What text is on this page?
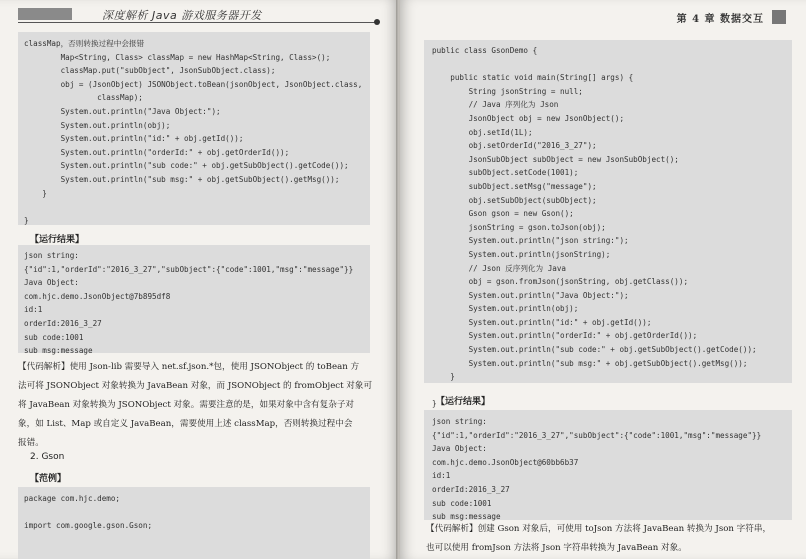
深度解析 Java 游戏服务器开发
classMap，否则转换过程中会报错
Map<String, Class> classMap = new HashMap<String, Class>();
classMap.put("subObject", JsonSubObject.class);
obj = (JsonObject) JSONObject.toBean(jsonObject, JsonObject.class,
classMap);
System.out.println("Java Object:");
System.out.println(obj);
System.out.println("id:" + obj.getId());
System.out.println("orderId:" + obj.getOrderId());
System.out.println("sub code:" + obj.getSubObject().getCode());
System.out.println("sub msg:" + obj.getSubObject().getMsg());
}
}
【运行结果】
json string:
{"id":1,"orderId":"2016_3_27","subObject":{"code":1001,"msg":"message"}}
Java Object:
com.hjc.demo.JsonObject@7b895df8
id:1
orderId:2016_3_27
sub code:1001
sub msg:message
【代码解析】使用 Json-lib 需要导入 net.sf.json.*包，使用 JSONObject 的 toBean 方
法可将 JSONObject 对象转换为 JavaBean 对象，而 JSONObject 的 fromObject 对象可
将 JavaBean 对象转换为 JSONObject 对象。需要注意的是，如果对象中含有复杂子对
象，如 List、Map 或自定义 JavaBean，需要使用上述 classMap，否则转换过程中会
报错。
2. Gson
【范例】
package com.hjc.demo;
import com.google.gson.Gson;
第 4 章 数据交互
public class GsonDemo {
public static void main(String[] args) {
String jsonString = null;
// Java 序列化为 Json
JsonObject obj = new JsonObject();
obj.setId(1L);
obj.setOrderId("2016_3_27");
JsonSubObject subObject = new JsonSubObject();
subObject.setCode(1001);
subObject.setMsg("message");
obj.setSubObject(subObject);
Gson gson = new Gson();
jsonString = gson.toJson(obj);
System.out.println("json string:");
System.out.println(jsonString);
// Json 反序列化为 Java
obj = gson.fromJson(jsonString, obj.getClass());
System.out.println("Java Object:");
System.out.println(obj);
System.out.println("id:" + obj.getId());
System.out.println("orderId:" + obj.getOrderId());
System.out.println("sub code:" + obj.getSubObject().getCode());
System.out.println("sub msg:" + obj.getSubObject().getMsg());
}
} 【运行结果】
json string:
{"id":1,"orderId":"2016_3_27","subObject":{"code":1001,"msg":"message"}}
Java Object:
com.hjc.demo.JsonObject@60bb6b37
id:1
orderId:2016_3_27
sub code:1001
sub msg:message
【代码解析】创建 Gson 对象后，可使用 toJson 方法将 JavaBean 转换为 Json 字符串，
也可以使用 fromJson 方法将 Json 字符串转换为 JavaBean 对象。
